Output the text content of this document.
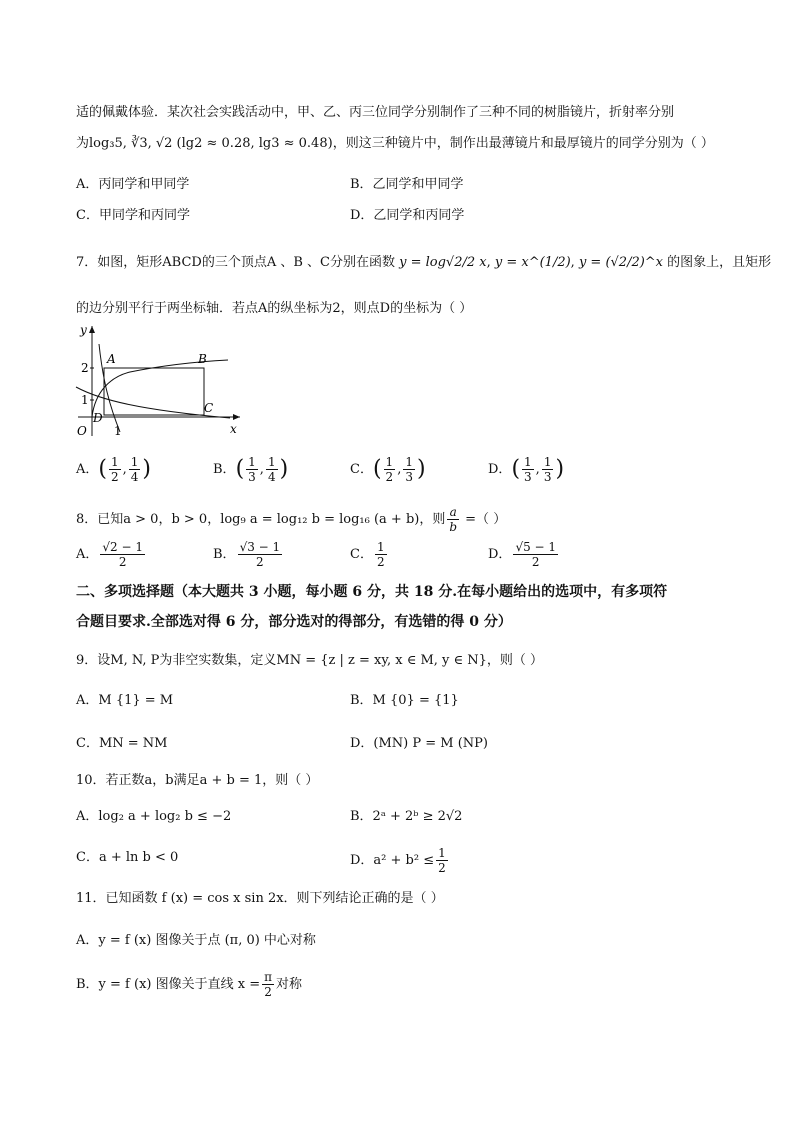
适的佩戴体验．某次社会实践活动中，甲、乙、丙三位同学分别制作了三种不同的树脂镜片，折射率分别
为log₃5, ∛3, √2 (lg2 ≈ 0.28, lg3 ≈ 0.48)，则这三种镜片中，制作出最薄镜片和最厚镜片的同学分别为（ ）
A．丙同学和甲同学	B．乙同学和甲同学
C．甲同学和丙同学	D．乙同学和丙同学
7．如图，矩形ABCD的三个顶点A 、B 、C分别在函数 y = log√2/2 x, y = x^(1/2), y = (√2/2)^x 的图象上，且矩形
的边分别平行于两坐标轴．若点A的纵坐标为2，则点D的坐标为（ ）
y
x
O
A	B
C
D
2
1
1
A．( $\frac{1}{2}$ , $\frac{1}{4}$ )	B．( $\frac{1}{3}$ , $\frac{1}{4}$ )	C．( $\frac{1}{2}$ , $\frac{1}{3}$ )	D．( $\frac{1}{3}$ , $\frac{1}{3}$ )
8．已知a > 0，b > 0，log₉ a = log₁₂ b = log₁₆ (a + b)，则 $\frac{a}{b}$ =（ ）
A． $\frac{√2 - 1}{2}$	B． $\frac{√3 - 1}{2}$	C． $\frac{1}{2}$	D． $\frac{√5 - 1}{2}$
二、多项选择题（本大题共 3 小题，每小题 6 分，共 18 分.在每小题给出的选项中，有多项符
合题目要求.全部选对得 6 分，部分选对的得部分，有选错的得 0 分）
9．设M, N, P为非空实数集，定义MN = {z | z = xy, x ∈ M, y ∈ N}，则（ ）
A．M {1} = M	B．M {0} = {1}
C．MN = NM	D．(MN) P = M (NP)
10．若正数a，b满足a + b = 1，则（ ）
A．log₂ a + log₂ b ≤ −2	B．2ᵃ + 2ᵇ ≥ 2√2
C．a + ln b < 0	D．$a^2 + b^2 \le \frac{1}{2}$
11．已知函数 f (x) = cos x sin 2x．则下列结论正确的是（ ）
A．y = f (x) 图像关于点 (π, 0) 中心对称
B．y = f (x) 图像关于直线 $x = \frac{\pi}{2}$ 对称
